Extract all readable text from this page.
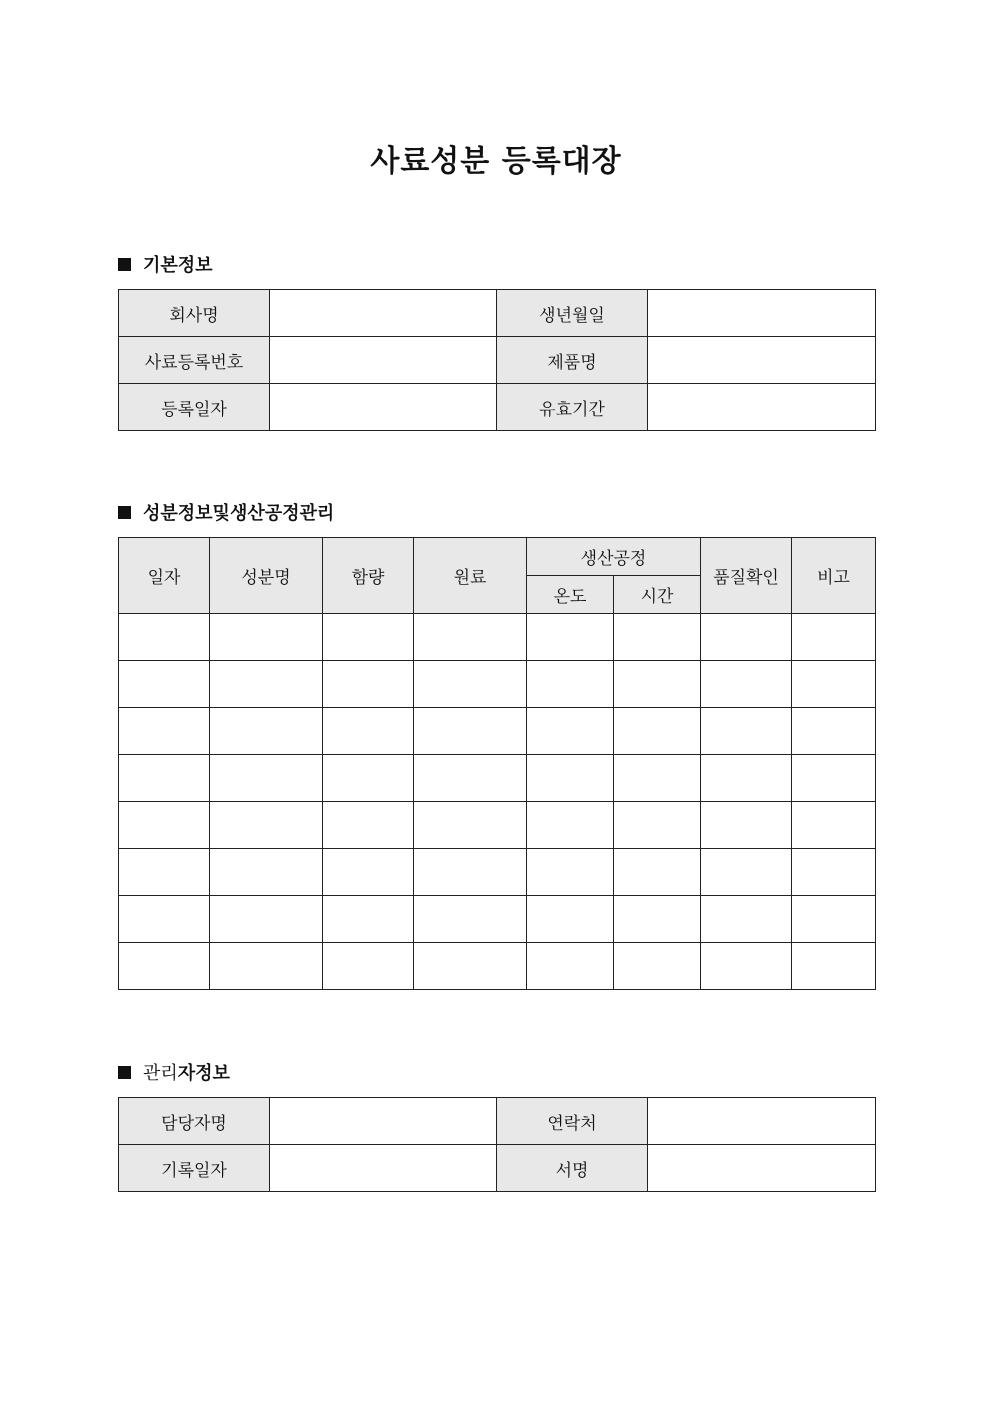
사료성분 등록대장
기본정보
회사명		생년월일	
사료등록번호		제품명	
등록일자		유효기간	
성분정보및생산공정관리
일자	성분명	함량	원료	생산공정		품질확인	비고
				온도	시간		

관리 자정보
담당자명		연락처	
기록일자		서명	
